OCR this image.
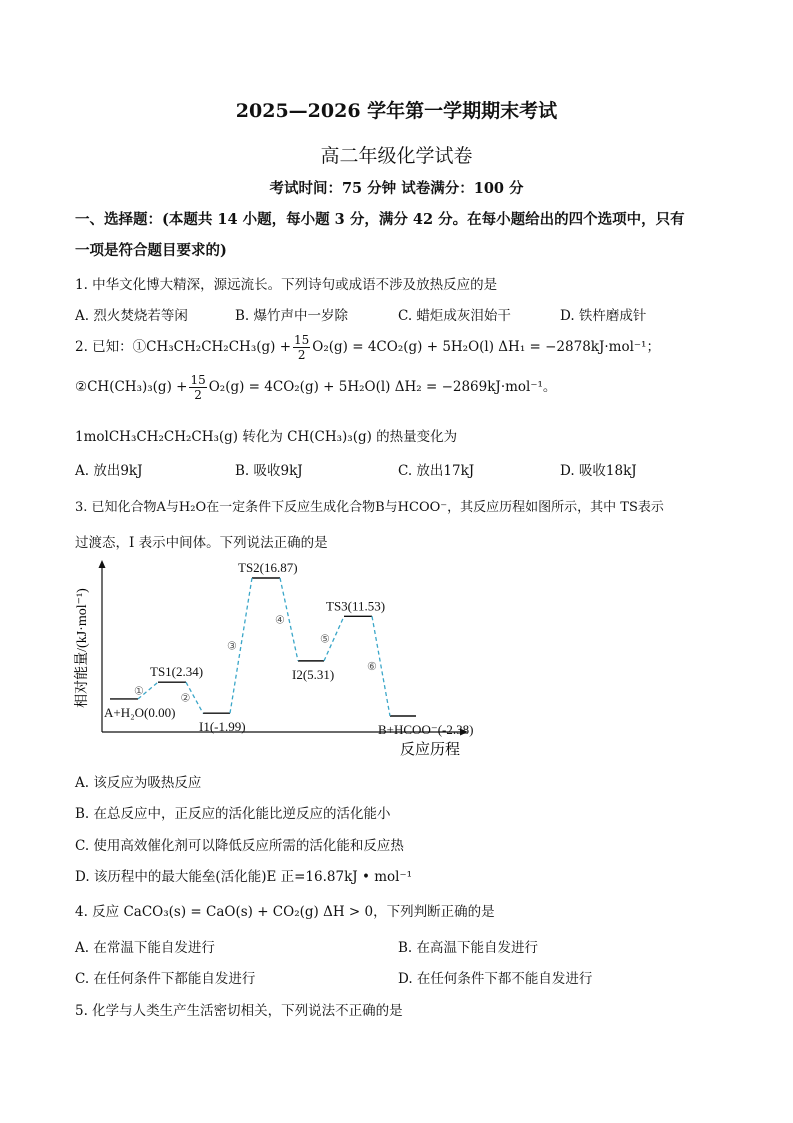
2025—2026 学年第一学期期末考试
高二年级化学试卷
考试时间：75 分钟 试卷满分：100 分
一、选择题：(本题共 14 小题，每小题 3 分，满分 42 分。在每小题给出的四个选项中，只有
一项是符合题目要求的)
1. 中华文化博大精深，源远流长。下列诗句或成语不涉及放热反应的是
A. 烈火焚烧若等闲	B. 爆竹声中一岁除	C. 蜡炬成灰泪始干	D. 铁杵磨成针
2. 已知：①CH₃CH₂CH₂CH₃(g) + $\frac{15}{2} O_2(g) = 4CO_2(g) + 5H_2O(l) \Delta H_1 = -2878kJ\cdot mol^{-1}$；
②CH(CH₃)₃(g) + $\frac{15}{2} O_2(g) = 4CO_2(g) + 5H_2O(l) \Delta H_2 = -2869kJ\cdot mol^{-1}$。
1molCH₃CH₂CH₂CH₃(g) 转化为 CH(CH₃)₃(g) 的热量变化为
A. 放出9kJ	B. 吸收9kJ	C. 放出17kJ	D. 吸收18kJ
3. 已知化合物A与H₂O在一定条件下反应生成化合物B与HCOO⁻，其反应历程如图所示，其中 TS表示
过渡态，I 表示中间体。下列说法正确的是
相对能量/(kJ·mol⁻¹)
反应历程
A+H₂O(0.00)
TS1(2.34)
I1(-1.99)
TS2(16.87)
I2(5.31)
TS3(11.53)
B+HCOO⁻(-2.38)
①
②
③
④
⑤
⑥
A. 该反应为吸热反应
B. 在总反应中，正反应的活化能比逆反应的活化能小
C. 使用高效催化剂可以降低反应所需的活化能和反应热
D. 该历程中的最大能垒(活化能)E 正=16.87kJ • mol⁻¹
4. 反应 CaCO₃(s) = CaO(s) + CO₂(g) ΔH > 0，下列判断正确的是
A. 在常温下能自发进行	B. 在高温下能自发进行
C. 在任何条件下都能自发进行	D. 在任何条件下都不能自发进行
5. 化学与人类生产生活密切相关，下列说法不正确的是
